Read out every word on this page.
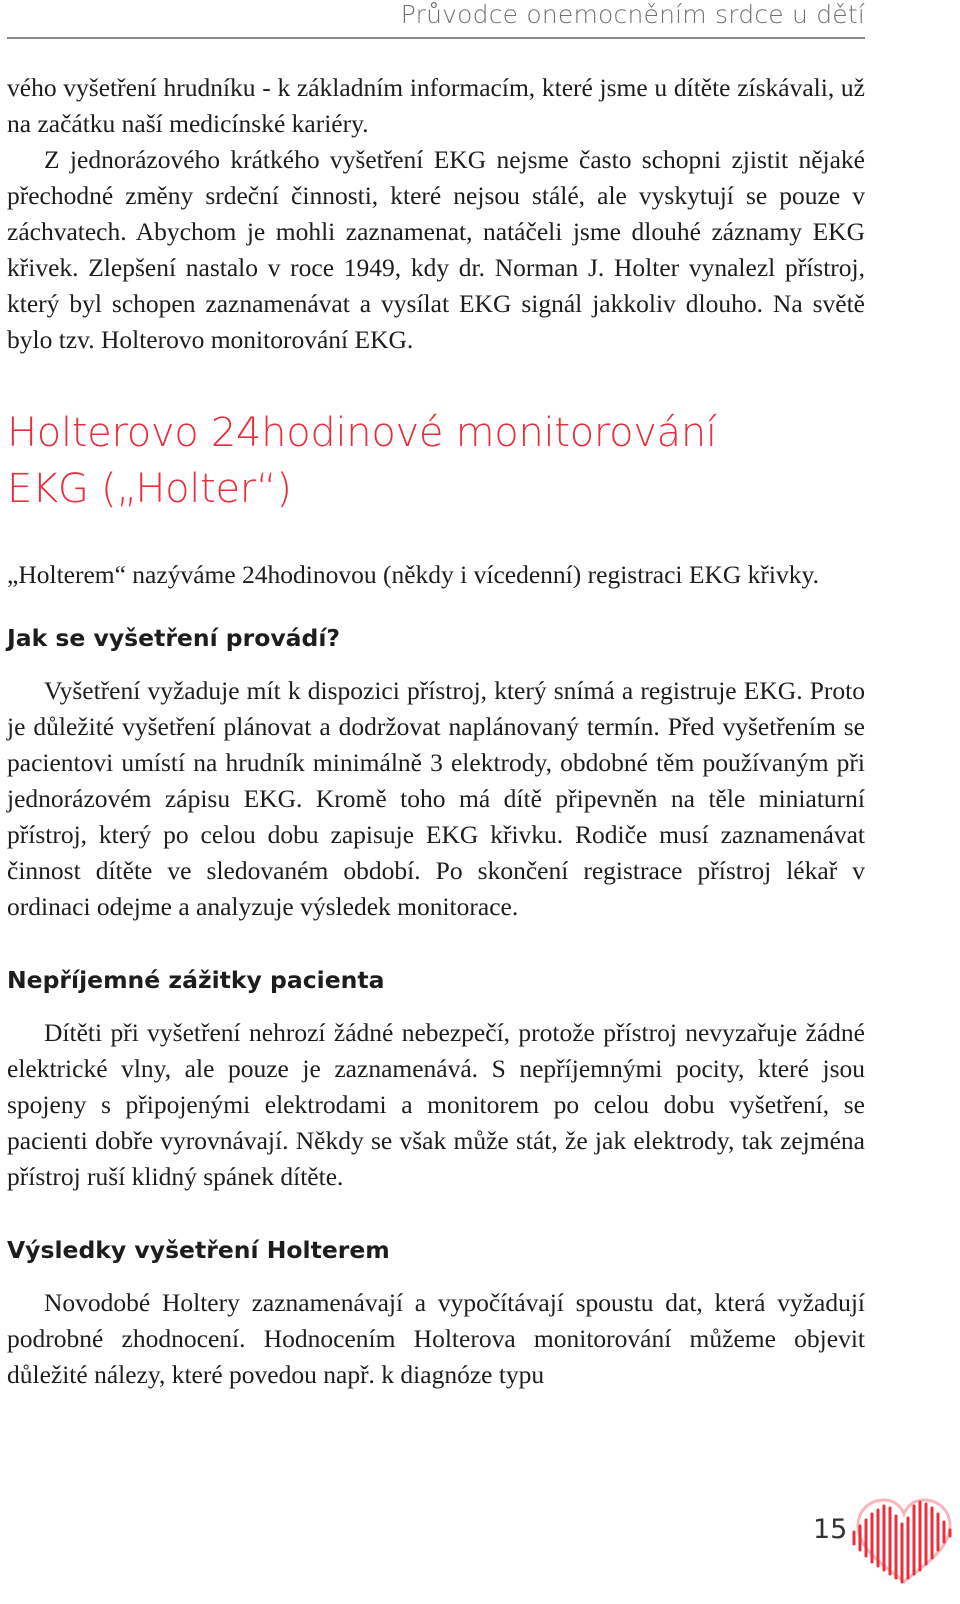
Průvodce onemocněním srdce u dětí

vého vyšetření hrudníku - k základním informacím, které jsme u dítěte získávali, už na začátku naší medicínské kariéry.

Z jednorázového krátkého vyšetření EKG nejsme často schopni zjistit nějaké přechodné změny srdeční činnosti, které nejsou stálé, ale vyskytují se pouze v záchvatech. Abychom je mohli zaznamenat, natáčeli jsme dlouhé záznamy EKG křivek. Zlepšení nastalo v roce 1949, kdy dr. Norman J. Holter vynalezl přístroj, který byl schopen zaznamenávat a vysílat EKG signál jakkoliv dlouho. Na světě bylo tzv. Holterovo monitorování EKG.

Holterovo 24hodinové monitorování
EKG („Holter“)

„Holterem“ nazýváme 24hodinovou (někdy i vícedenní) registraci EKG křivky.

Jak se vyšetření provádí?

Vyšetření vyžaduje mít k dispozici přístroj, který snímá a registruje EKG. Proto je důležité vyšetření plánovat a dodržovat naplánovaný termín. Před vyšetřením se pacientovi umístí na hrudník minimálně 3 elektrody, obdobné těm používaným při jednorázovém zápisu EKG. Kromě toho má dítě připevněn na těle miniaturní přístroj, který po celou dobu zapisuje EKG křivku. Rodiče musí zaznamenávat činnost dítěte ve sledovaném období. Po skončení registrace přístroj lékař v ordinaci odejme a analyzuje výsledek monitorace.

Nepříjemné zážitky pacienta

Dítěti při vyšetření nehrozí žádné nebezpečí, protože přístroj nevyzařuje žádné elektrické vlny, ale pouze je zaznamenává. S nepříjemnými pocity, které jsou spojeny s připojenými elektrodami a monitorem po celou dobu vyšetření, se pacienti dobře vyrovnávají. Někdy se však může stát, že jak elektrody, tak zejména přístroj ruší klidný spánek dítěte.

Výsledky vyšetření Holterem

Novodobé Holtery zaznamenávají a vypočítávají spoustu dat, která vyžadují podrobné zhodnocení. Hodnocením Holterova monitorování můžeme objevit důležité nálezy, které povedou např. k diagnóze typu

15
